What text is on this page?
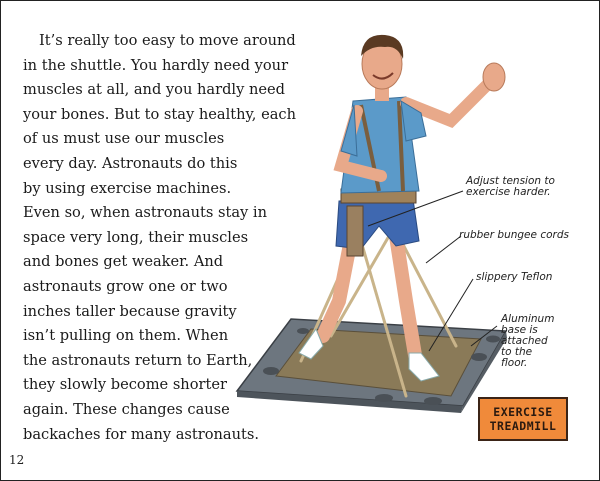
It’s really too easy to move around
in the shuttle. You hardly need your
muscles at all, and you hardly need
your bones. But to stay healthy, each
of us must use our muscles
every day. Astronauts do this
by using exercise machines.
Even so, when astronauts stay in
space very long, their muscles
and bones get weaker. And
astronauts grow one or two
inches taller because gravity
isn’t pulling on them. When
the astronauts return to Earth,
they slowly become shorter
again. These changes cause
backaches for many astronauts.
Adjust tension to
exercise harder.
rubber bungee cords
slippery Teflon
Aluminum
base is
attached
to the
floor.
EXERCISE
TREADMILL
12
